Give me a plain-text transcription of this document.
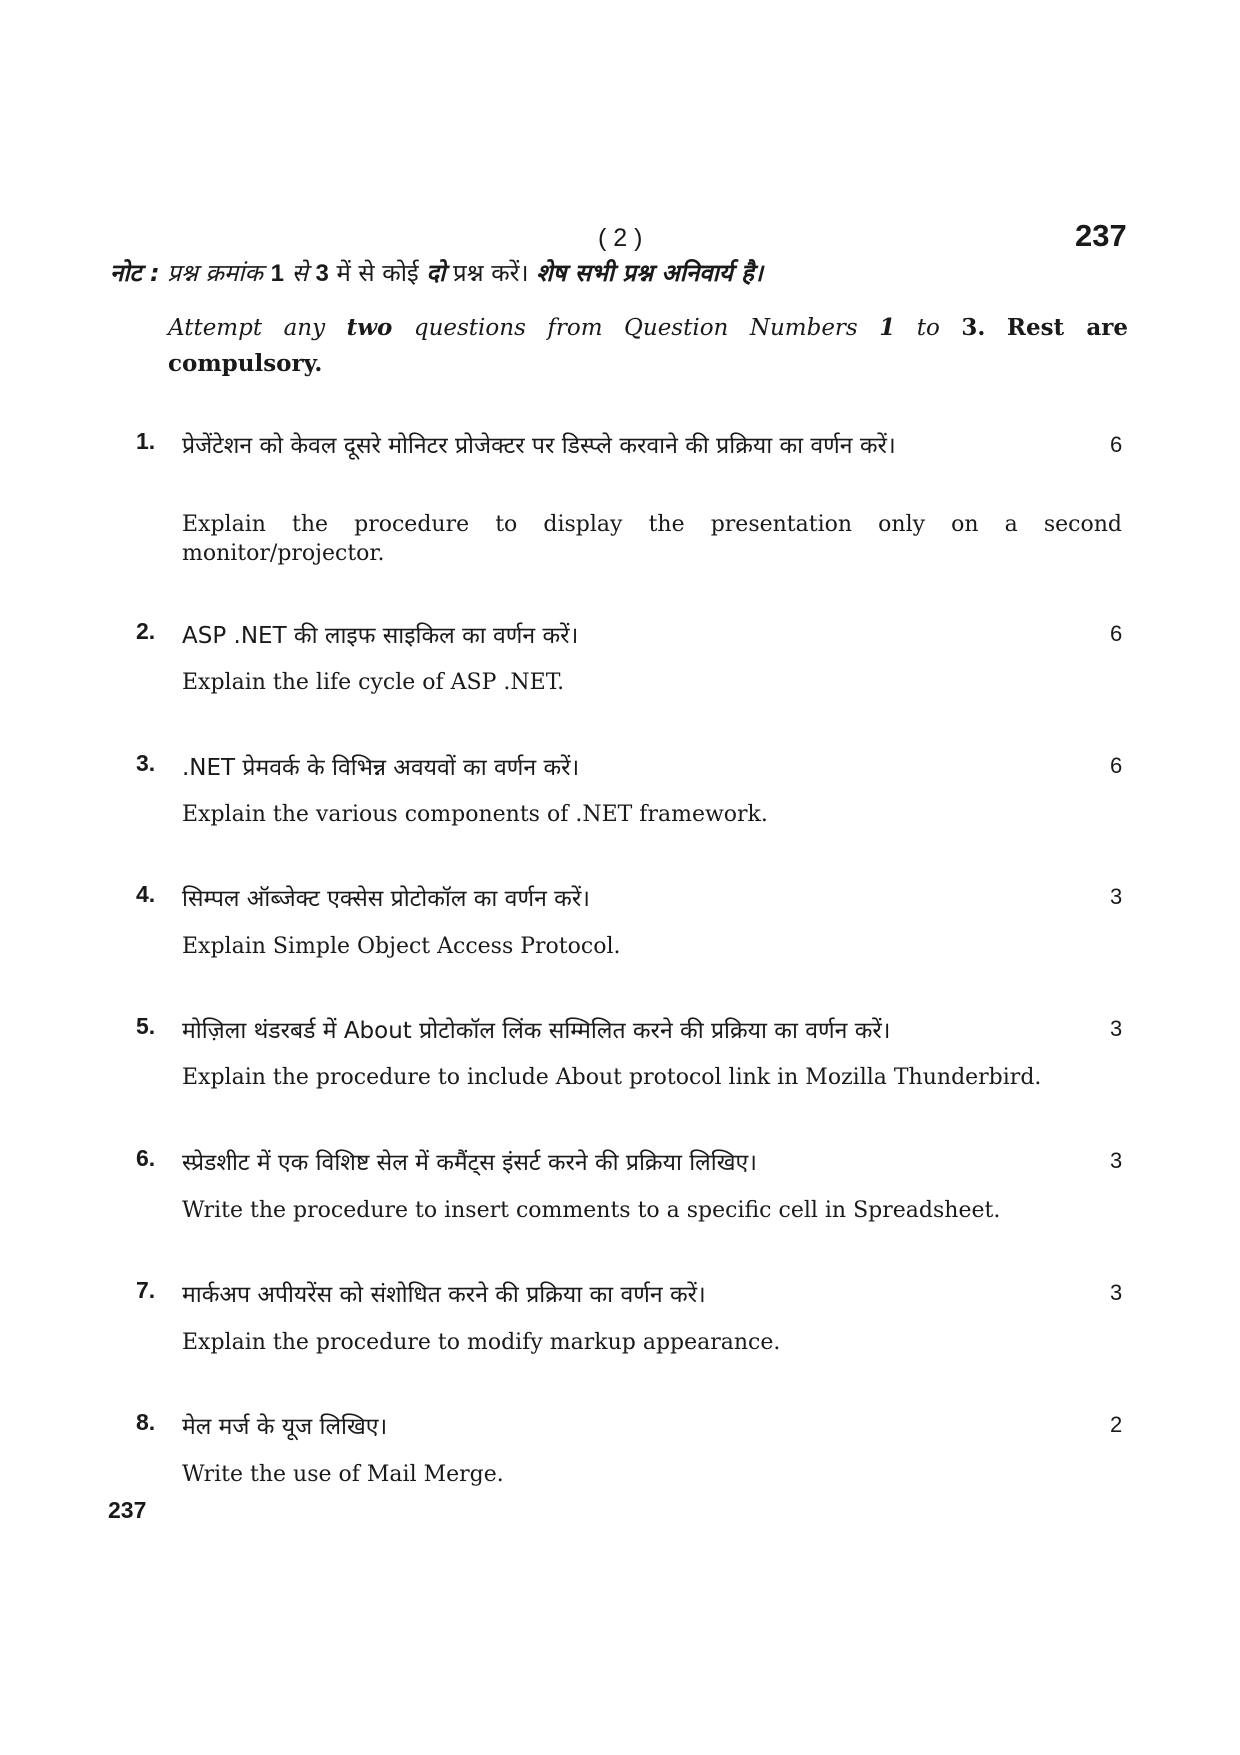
( 2 )	237
नोट : प्रश्न क्रमांक 1 से 3 में से कोई दो प्रश्न करें। शेष सभी प्रश्न अनिवार्य है।
Attempt any two questions from Question Numbers 1 to 3. Rest are compulsory.
1. प्रेजेंटेशन को केवल दूसरे मोनिटर प्रोजेक्टर पर डिस्प्ले करवाने की प्रक्रिया का वर्णन करें।	6
Explain the procedure to display the presentation only on a second monitor/projector.
2. ASP .NET की लाइफ साइकिल का वर्णन करें।	6
Explain the life cycle of ASP .NET.
3. .NET प्रेमवर्क के विभिन्न अवयवों का वर्णन करें।	6
Explain the various components of .NET framework.
4. सिम्पल ऑब्जेक्ट एक्सेस प्रोटोकॉल का वर्णन करें।	3
Explain Simple Object Access Protocol.
5. मोज़िला थंडरबर्ड में About प्रोटोकॉल लिंक सम्मिलित करने की प्रक्रिया का वर्णन करें।	3
Explain the procedure to include About protocol link in Mozilla Thunderbird.
6. स्प्रेडशीट में एक विशिष्ट सेल में कमैंट्स इंसर्ट करने की प्रक्रिया लिखिए।	3
Write the procedure to insert comments to a specific cell in Spreadsheet.
7. मार्कअप अपीयरेंस को संशोधित करने की प्रक्रिया का वर्णन करें।	3
Explain the procedure to modify markup appearance.
8. मेल मर्ज के यूज लिखिए।	2
Write the use of Mail Merge.
237
